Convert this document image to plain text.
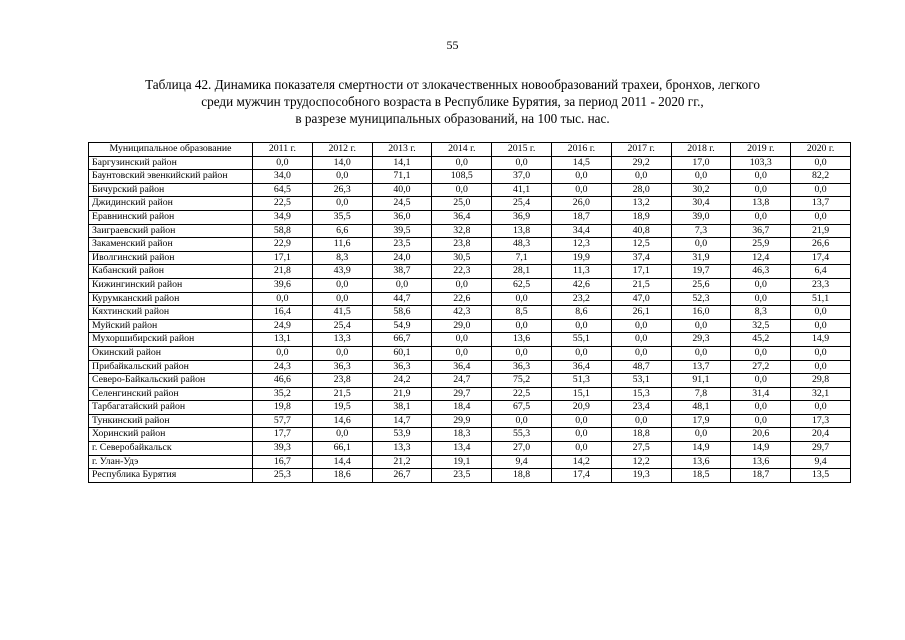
55
Таблица 42. Динамика показателя смертности от злокачественных новообразований трахеи, бронхов, легкого
среди мужчин трудоспособного возраста в Республике Бурятия, за период 2011 - 2020 гг.,
в разрезе муниципальных образований, на 100 тыс. нас.
Муниципальное образование	2011 г.	2012 г.	2013 г.	2014 г.	2015 г.	2016 г.	2017 г.	2018 г.	2019 г.	2020 г.
Баргузинский район	0,0	14,0	14,1	0,0	0,0	14,5	29,2	17,0	103,3	0,0
Баунтовский эвенкийский район	34,0	0,0	71,1	108,5	37,0	0,0	0,0	0,0	0,0	82,2
Бичурский район	64,5	26,3	40,0	0,0	41,1	0,0	28,0	30,2	0,0	0,0
Джидинский район	22,5	0,0	24,5	25,0	25,4	26,0	13,2	30,4	13,8	13,7
Еравнинский район	34,9	35,5	36,0	36,4	36,9	18,7	18,9	39,0	0,0	0,0
Заиграевский район	58,8	6,6	39,5	32,8	13,8	34,4	40,8	7,3	36,7	21,9
Закаменский район	22,9	11,6	23,5	23,8	48,3	12,3	12,5	0,0	25,9	26,6
Иволгинский район	17,1	8,3	24,0	30,5	7,1	19,9	37,4	31,9	12,4	17,4
Кабанский район	21,8	43,9	38,7	22,3	28,1	11,3	17,1	19,7	46,3	6,4
Кижингинский район	39,6	0,0	0,0	0,0	62,5	42,6	21,5	25,6	0,0	23,3
Курумканский район	0,0	0,0	44,7	22,6	0,0	23,2	47,0	52,3	0,0	51,1
Кяхтинский район	16,4	41,5	58,6	42,3	8,5	8,6	26,1	16,0	8,3	0,0
Муйский район	24,9	25,4	54,9	29,0	0,0	0,0	0,0	0,0	32,5	0,0
Мухоршибирский район	13,1	13,3	66,7	0,0	13,6	55,1	0,0	29,3	45,2	14,9
Окинский район	0,0	0,0	60,1	0,0	0,0	0,0	0,0	0,0	0,0	0,0
Прибайкальский район	24,3	36,3	36,3	36,4	36,3	36,4	48,7	13,7	27,2	0,0
Северо-Байкальский район	46,6	23,8	24,2	24,7	75,2	51,3	53,1	91,1	0,0	29,8
Селенгинский район	35,2	21,5	21,9	29,7	22,5	15,1	15,3	7,8	31,4	32,1
Тарбагатайский район	19,8	19,5	38,1	18,4	67,5	20,9	23,4	48,1	0,0	0,0
Тункинский район	57,7	14,6	14,7	29,9	0,0	0,0	0,0	17,9	0,0	17,3
Хоринский район	17,7	0,0	53,9	18,3	55,3	0,0	18,8	0,0	20,6	20,4
г. Северобайкальск	39,3	66,1	13,3	13,4	27,0	0,0	27,5	14,9	14,9	29,7
г. Улан-Удэ	16,7	14,4	21,2	19,1	9,4	14,2	12,2	13,6	13,6	9,4
Республика Бурятия	25,3	18,6	26,7	23,5	18,8	17,4	19,3	18,5	18,7	13,5
